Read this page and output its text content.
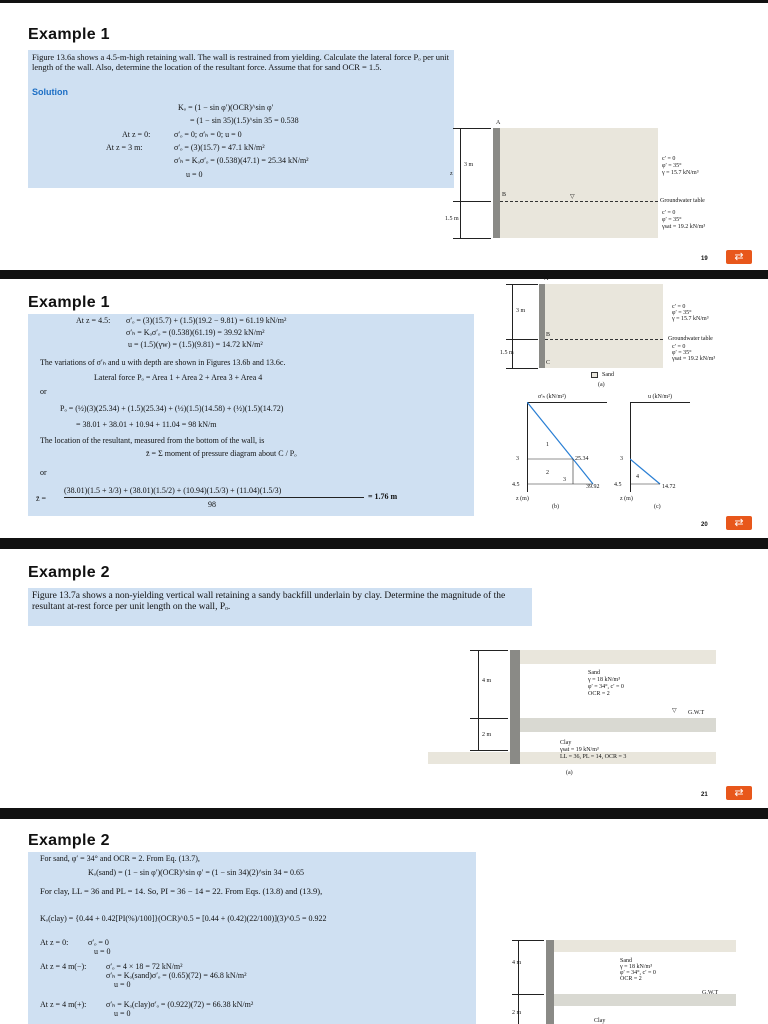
Example 1
Figure 13.6a shows a 4.5-m-high retaining wall. The wall is restrained from yielding. Calculate the lateral force Pₒ per unit length of the wall. Also, determine the location of the resultant force. Assume that for sand OCR = 1.5.
Solution
Kₒ = (1 − sin φ′)(OCR)^sin φ′
= (1 − sin 35)(1.5)^sin 35 = 0.538
At z = 0:	σ′ₒ = 0; σ′ₕ = 0; u = 0
At z = 3 m:	σ′ₒ = (3)(15.7) = 47.1 kN/m²
σ′ₕ = Kₒσ′ₒ = (0.538)(47.1) = 25.34 kN/m²
u = 0
A
B	▽
3 m
z
1.5 m
c′ = 0
φ′ = 35°
γ = 15.7 kN/m³
Groundwater table
c′ = 0
φ′ = 35°
γsat = 19.2 kN/m³
19	⇄
Example 1
At z = 4.5: σ′ₒ = (3)(15.7) + (1.5)(19.2 − 9.81) = 61.19 kN/m²
σ′ₕ = Kₒσ′ₒ = (0.538)(61.19) = 39.92 kN/m²
u = (1.5)(γw) = (1.5)(9.81) = 14.72 kN/m²
The variations of σ′ₕ and u with depth are shown in Figures 13.6b and 13.6c.
Lateral force Pₒ = Area 1 + Area 2 + Area 3 + Area 4
or
Pₒ = (½)(3)(25.34) + (1.5)(25.34) + (½)(1.5)(14.58) + (½)(1.5)(14.72)
= 38.01 + 38.01 + 10.94 + 11.04 = 98 kN/m
The location of the resultant, measured from the bottom of the wall, is
z̄ = Σ moment of pressure diagram about C / Pₒ
or
z̄ =
(38.01)(1.5 + 3/3) + (38.01)(1.5/2) + (10.94)(1.5/3) + (11.04)(1.5/3)
98
= 1.76 m
A
B
C
3 m
1.5 m
c′ = 0
φ′ = 35°
γ = 15.7 kN/m³
Groundwater table
c′ = 0
φ′ = 35°
γsat = 19.2 kN/m³
Sand
(a)
σ′ₕ (kN/m²)
1
2
3
25.34
39.92
3
4.5
z (m)
(b)
u (kN/m²)
4
14.72
3
4.5
z (m)
(c)
20	⇄
Example 2
Figure 13.7a shows a non-yielding vertical wall retaining a sandy backfill underlain by clay. Determine the magnitude of the resultant at-rest force per unit length on the wall, Pₒ.
4 m
2 m
Sand
γ = 18 kN/m³
φ′ = 34°, c′ = 0
OCR = 2
▽ G.W.T
Clay
γsat = 19 kN/m³
LL = 36, PL = 14, OCR = 3
(a)
21	⇄
Example 2
For sand, φ′ = 34° and OCR = 2. From Eq. (13.7),
Kₒ(sand) = (1 − sin φ′)(OCR)^sin φ′ = (1 − sin 34)(2)^sin 34 = 0.65
For clay, LL = 36 and PL = 14. So, PI = 36 − 14 = 22. From Eqs. (13.8) and (13.9),
Kₒ(clay) = {0.44 + 0.42[PI(%)/100]}(OCR)^0.5 = [0.44 + (0.42)(22/100)](3)^0.5 = 0.922
At z = 0: σ′ₒ = 0
u = 0
At z = 4 m(−): σ′ₒ = 4 × 18 = 72 kN/m²
σ′ₕ = Kₒ(sand)σ′ₒ = (0.65)(72) = 46.8 kN/m²
u = 0
At z = 4 m(+): σ′ₕ = Kₒ(clay)σ′ₒ = (0.922)(72) = 66.38 kN/m²
u = 0
4 m
2 m
Sand
γ = 18 kN/m³
φ′ = 34°, c′ = 0
OCR = 2
G.W.T
Clay
